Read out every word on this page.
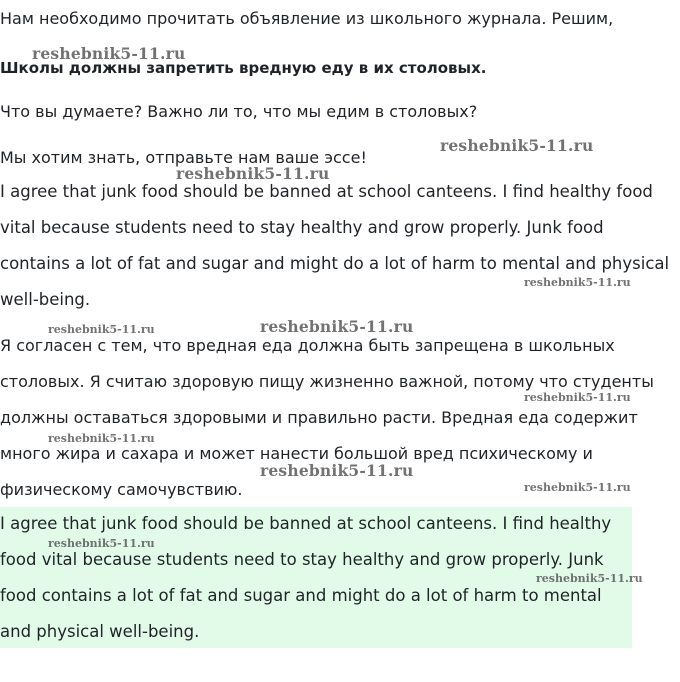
Нам необходимо прочитать объявление из школьного журнала. Решим,
Школы должны запретить вредную еду в их столовых.
Что вы думаете? Важно ли то, что мы едим в столовых?
Мы хотим знать, отправьте нам ваше эссе!
I agree that junk food should be banned at school canteens. I find healthy food
vital because students need to stay healthy and grow properly. Junk food
contains a lot of fat and sugar and might do a lot of harm to mental and physical
well-being.
Я согласен с тем, что вредная еда должна быть запрещена в школьных
столовых. Я считаю здоровую пищу жизненно важной, потому что студенты
должны оставаться здоровыми и правильно расти. Вредная еда содержит
много жира и сахара и может нанести большой вред психическому и
физическому самочувствию.
I agree that junk food should be banned at school canteens. I find healthy
food vital because students need to stay healthy and grow properly. Junk
food contains a lot of fat and sugar and might do a lot of harm to mental
and physical well-being.
reshebnik5-11.ru
reshebnik5-11.ru
reshebnik5-11.ru
reshebnik5-11.ru
reshebnik5-11.ru
reshebnik5-11.ru
reshebnik5-11.ru
reshebnik5-11.ru
reshebnik5-11.ru
reshebnik5-11.ru
reshebnik5-11.ru
reshebnik5-11.ru
